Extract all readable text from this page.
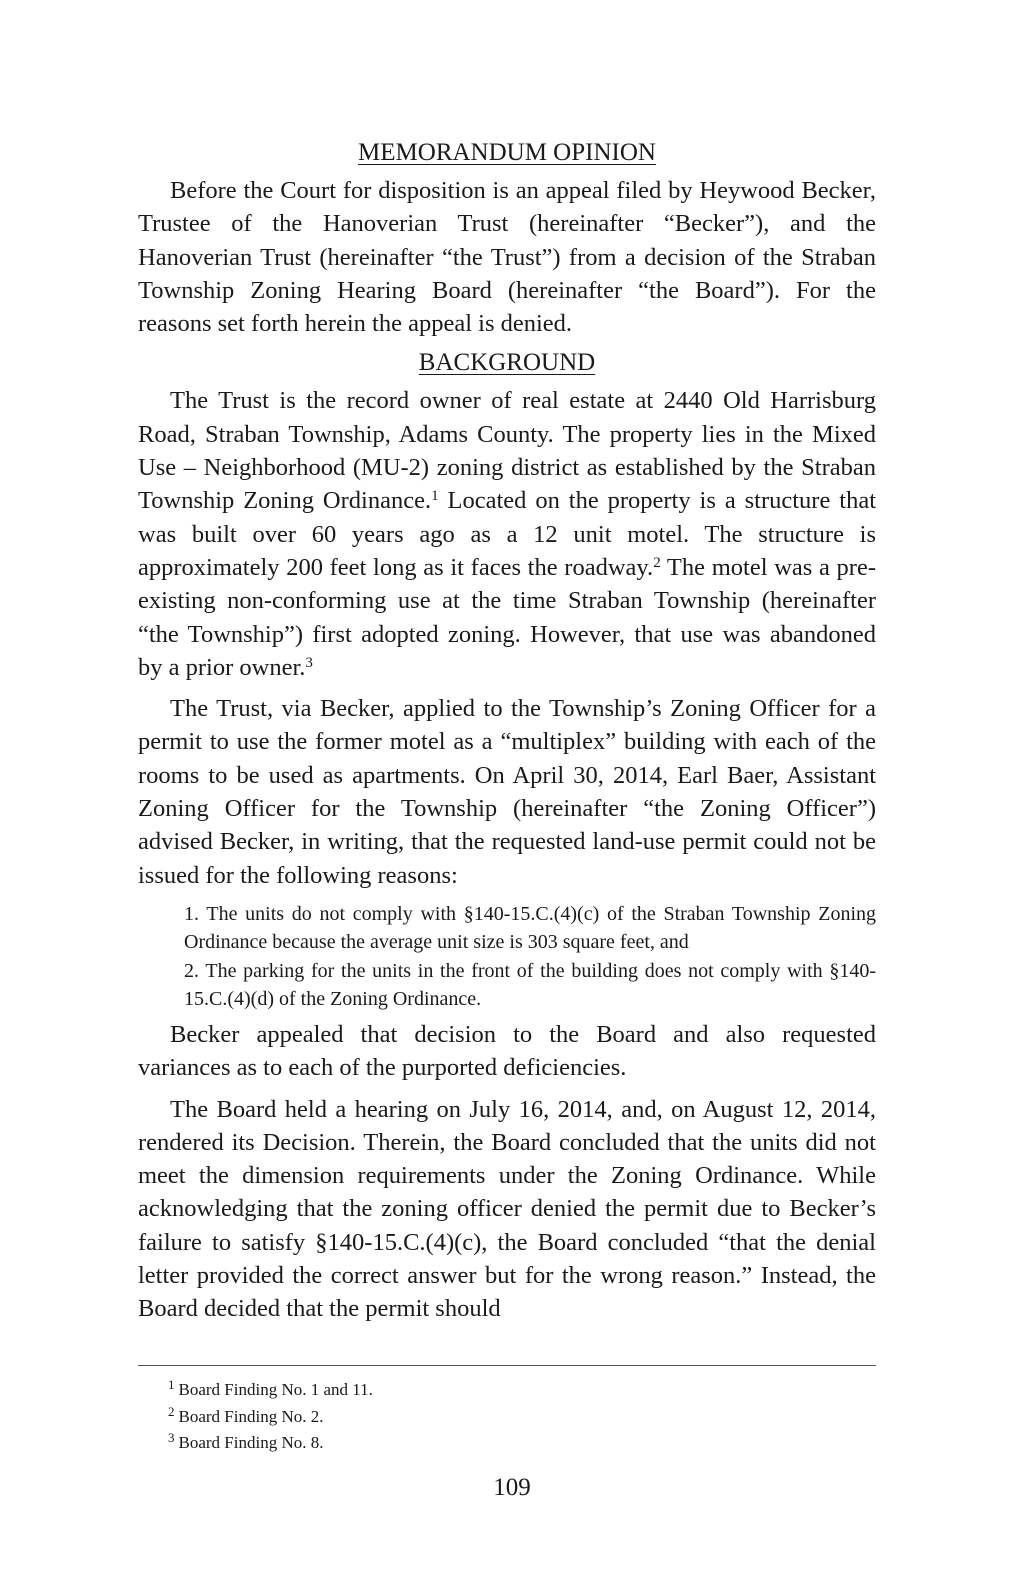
MEMORANDUM OPINION

Before the Court for disposition is an appeal filed by Heywood Becker, Trustee of the Hanoverian Trust (hereinafter “Becker”), and the Hanoverian Trust (hereinafter “the Trust”) from a decision of the Straban Township Zoning Hearing Board (hereinafter “the Board”). For the reasons set forth herein the appeal is denied.

BACKGROUND

The Trust is the record owner of real estate at 2440 Old Harrisburg Road, Straban Township, Adams County. The property lies in the Mixed Use – Neighborhood (MU-2) zoning district as established by the Straban Township Zoning Ordinance.$^1$ Located on the property is a structure that was built over 60 years ago as a 12 unit motel. The structure is approximately 200 feet long as it faces the roadway.$^2$ The motel was a pre-existing non-conforming use at the time Straban Township (hereinafter “the Township”) first adopted zoning. However, that use was abandoned by a prior owner.$^3$

The Trust, via Becker, applied to the Township’s Zoning Officer for a permit to use the former motel as a “multiplex” building with each of the rooms to be used as apartments. On April 30, 2014, Earl Baer, Assistant Zoning Officer for the Township (hereinafter “the Zoning Officer”) advised Becker, in writing, that the requested land-use permit could not be issued for the following reasons:

1. The units do not comply with §140-15.C.(4)(c) of the Straban Township Zoning Ordinance because the average unit size is 303 square feet, and

2. The parking for the units in the front of the building does not comply with §140-15.C.(4)(d) of the Zoning Ordinance.

Becker appealed that decision to the Board and also requested variances as to each of the purported deficiencies.

The Board held a hearing on July 16, 2014, and, on August 12, 2014, rendered its Decision. Therein, the Board concluded that the units did not meet the dimension requirements under the Zoning Ordinance. While acknowledging that the zoning officer denied the permit due to Becker’s failure to satisfy §140-15.C.(4)(c), the Board concluded “that the denial letter provided the correct answer but for the wrong reason.” Instead, the Board decided that the permit should

$^1$ Board Finding No. 1 and 11.

$^2$ Board Finding No. 2.

$^3$ Board Finding No. 8.

109
